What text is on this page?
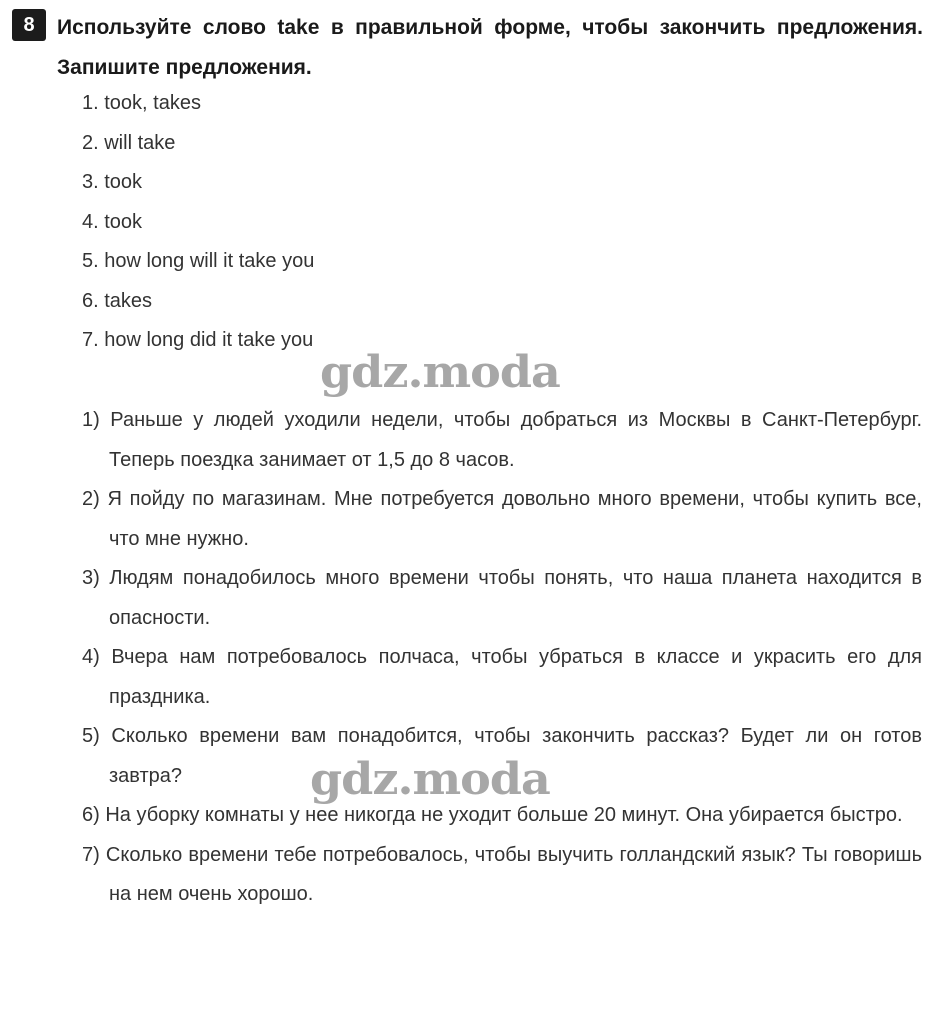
8	Используйте слово take в правильной форме, чтобы закончить предложения. Запишите предложения.
1. took, takes
2. will take
3. took
4. took
5. how long will it take you
6. takes
7. how long did it take you
1) Раньше у людей уходили недели, чтобы добраться из Москвы в Санкт-Петербург. Теперь поездка занимает от 1,5 до 8 часов.
2) Я пойду по магазинам. Мне потребуется довольно много времени, чтобы купить все, что мне нужно.
3) Людям понадобилось много времени чтобы понять, что наша планета находится в опасности.
4) Вчера нам потребовалось полчаса, чтобы убраться в классе и украсить его для праздника.
5) Сколько времени вам понадобится, чтобы закончить рассказ? Будет ли он готов завтра?
6) На уборку комнаты у нее никогда не уходит больше 20 минут. Она убирается быстро.
7) Сколько времени тебе потребовалось, чтобы выучить голландский язык? Ты говоришь на нем очень хорошо.
gdz.moda
gdz.moda
